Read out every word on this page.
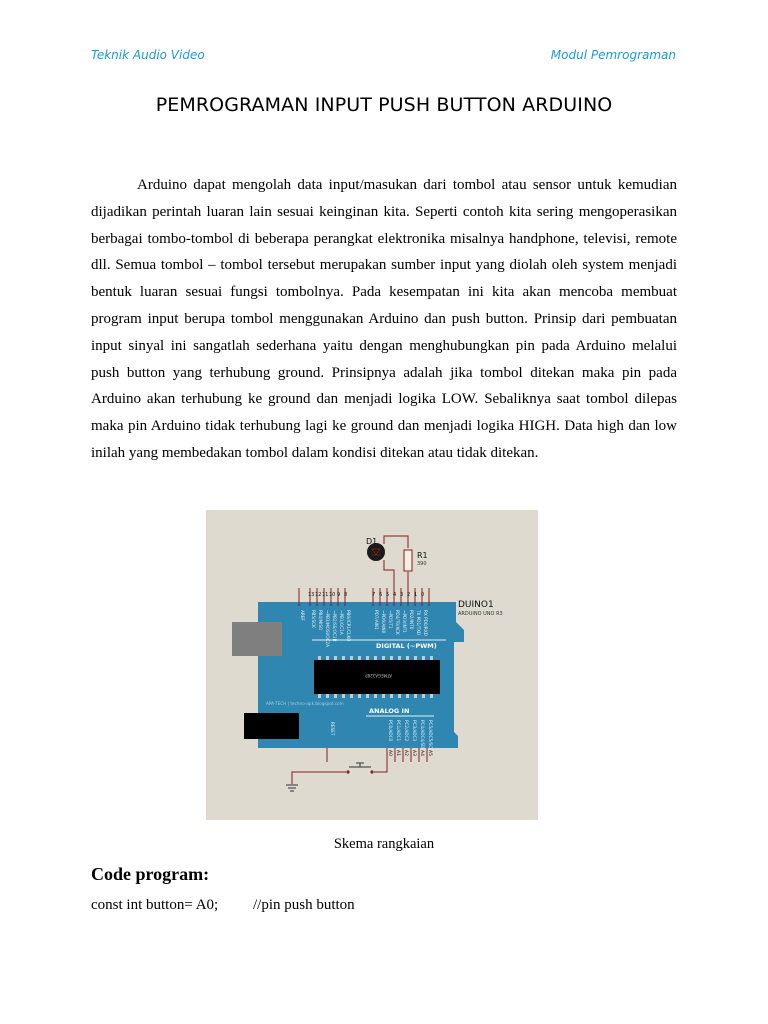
Teknik Audio Video	Modul Pemrograman
PEMROGRAMAN INPUT PUSH BUTTON ARDUINO

Arduino dapat mengolah data input/masukan dari tombol atau sensor untuk kemudian dijadikan perintah luaran lain sesuai keinginan kita. Seperti contoh kita sering mengoperasikan berbagai tombo-tombol di beberapa perangkat elektronika misalnya handphone, televisi, remote dll. Semua tombol – tombol tersebut merupakan sumber input yang diolah oleh system menjadi bentuk luaran sesuai fungsi tombolnya. Pada kesempatan ini kita akan mencoba membuat program input berupa tombol menggunakan Arduino dan push button. Prinsip dari pembuatan input sinyal ini sangatlah sederhana yaitu dengan menghubungkan pin pada Arduino melalui push button yang terhubung ground. Prinsipnya adalah jika tombol ditekan maka pin pada Arduino akan terhubung ke ground dan menjadi logika LOW. Sebaliknya saat tombol dilepas maka pin Arduino tidak terhubung lagi ke ground dan menjadi logika HIGH. Data high dan low inilah yang membedakan tombol dalam kondisi ditekan atau tidak ditekan.

13 12 11 10 9 8	7 6 5 4 3 2 1 0
AREF PB5/SCK PB4/MISO ~PB3/MOSI/OC2A ~PB2/SS/OC1B ~PB1/OC1A PB0/ICP1/CLKO	PD7/AIN1 ~PD6/AIN0 ~PD5/T1 PD4/T0/XCK ~PD3/INT1 PD2/INT0 TX PD1/TXD RX PD0/RXD
DIGITAL (~PWM)
ATMEGA328P
APA-TECH | techno-apk.blogspot.com
ANALOG IN
PC0/ADC0 PC1/ADC1 PC2/ADC2 PC3/ADC3 PC4/ADC4/SDA PC5/ADC5/SCL
RESET
A0 A1 A2 A3 A4 A5
DUINO1
ARDUINO UNO R3
D1
R1
390
Skema rangkaian
Code program:
const int button= A0; //pin push button
